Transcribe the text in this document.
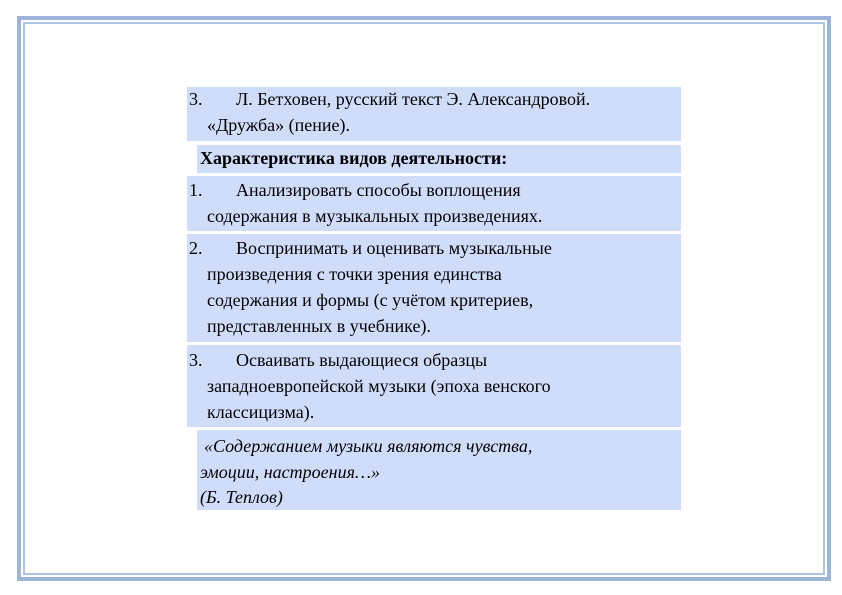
3. Л. Бетховен, русский текст Э. Александровой.
«Дружба» (пение).
Характеристика видов деятельности:
1. Анализировать способы воплощения
содержания в музыкальных произведениях.
2. Воспринимать и оценивать музыкальные
произведения с точки зрения единства
содержания и формы (с учётом критериев,
представленных в учебнике).
3. Осваивать выдающиеся образцы
западноевропейской музыки (эпоха венского
классицизма).
«Содержанием музыки являются чувства,
эмоции, настроения…»
(Б. Теплов)
